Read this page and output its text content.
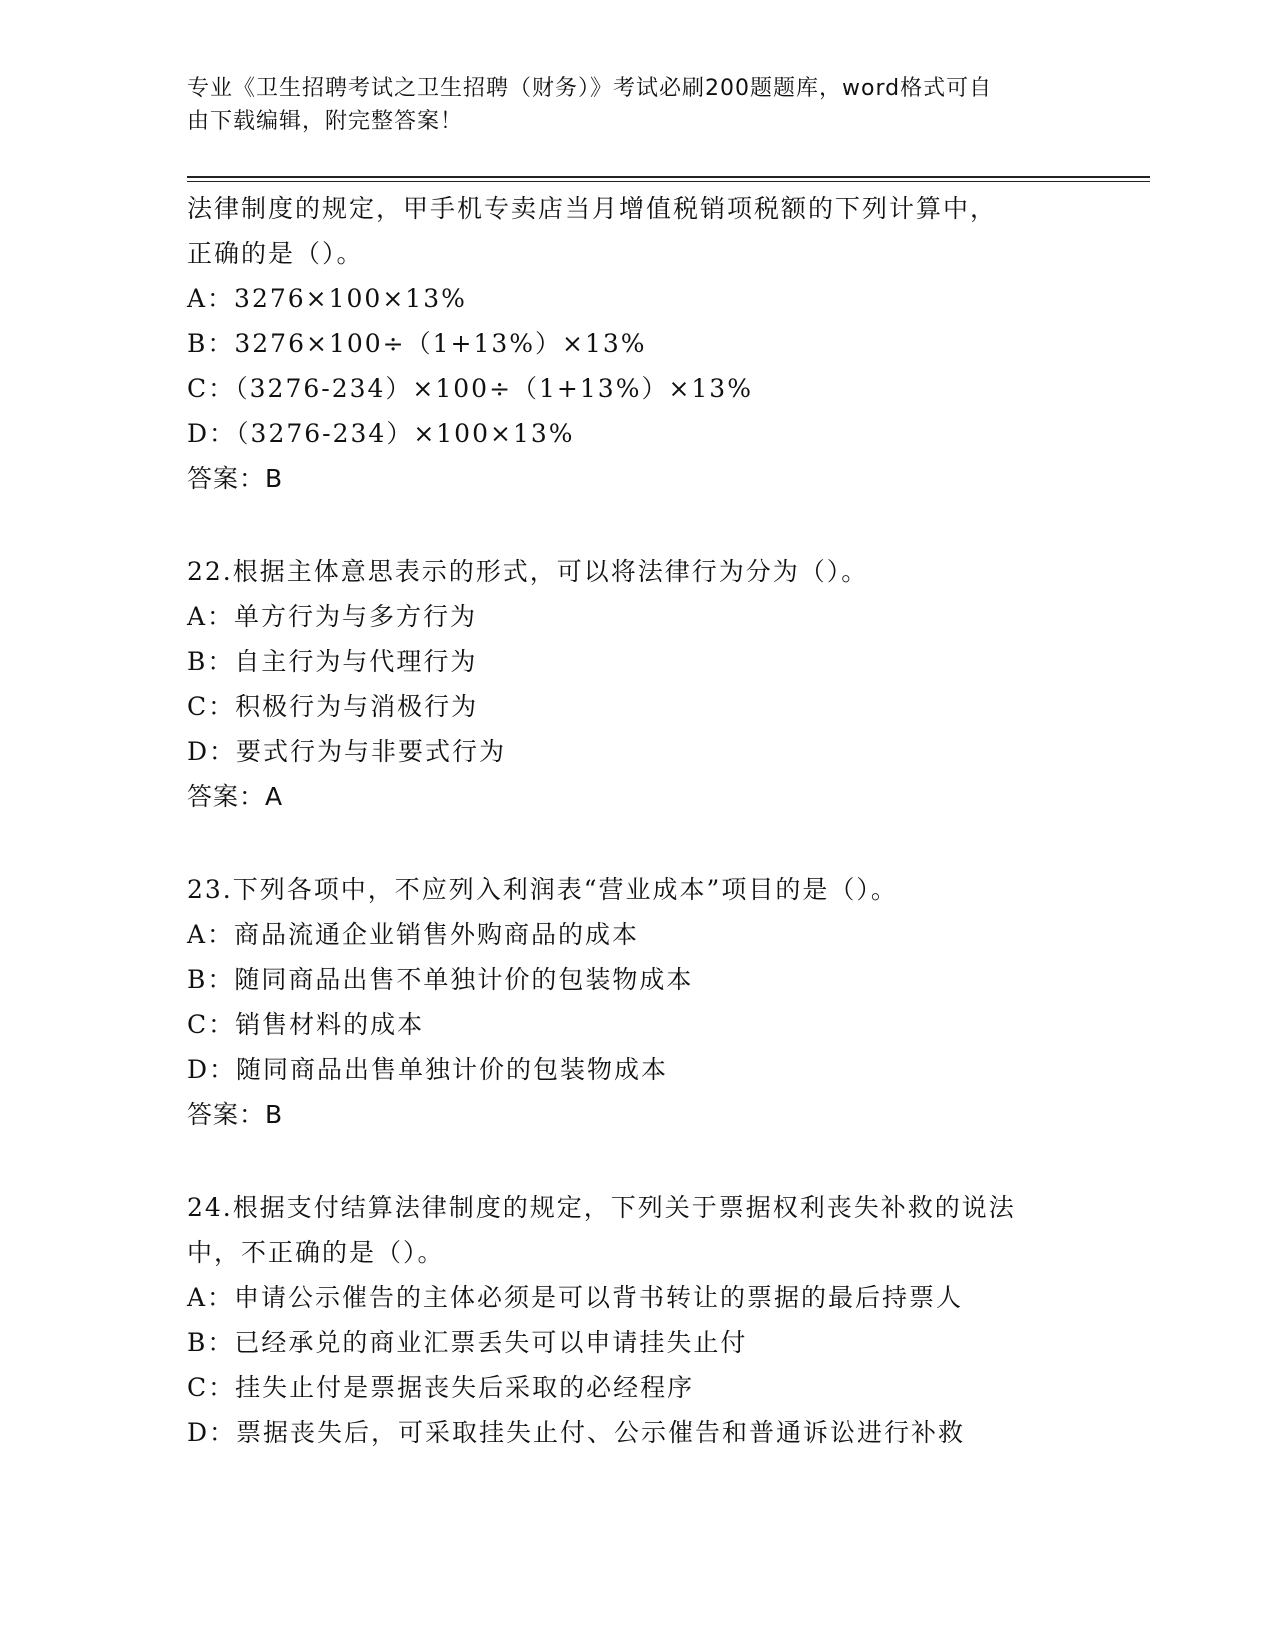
专业《卫生招聘考试之卫生招聘（财务）》考试必刷200题题库，word格式可自
由下载编辑，附完整答案！
法律制度的规定，甲手机专卖店当月增值税销项税额的下列计算中，
正确的是（）。
A：3276×100×13%
B：3276×100÷（1+13%）×13%
C：（3276-234）×100÷（1+13%）×13%
D：（3276-234）×100×13%
答案：B
22.根据主体意思表示的形式，可以将法律行为分为（）。
A：单方行为与多方行为
B：自主行为与代理行为
C：积极行为与消极行为
D：要式行为与非要式行为
答案：A
23.下列各项中，不应列入利润表“营业成本”项目的是（）。
A：商品流通企业销售外购商品的成本
B：随同商品出售不单独计价的包装物成本
C：销售材料的成本
D：随同商品出售单独计价的包装物成本
答案：B
24.根据支付结算法律制度的规定，下列关于票据权利丧失补救的说法
中，不正确的是（）。
A：申请公示催告的主体必须是可以背书转让的票据的最后持票人
B：已经承兑的商业汇票丢失可以申请挂失止付
C：挂失止付是票据丧失后采取的必经程序
D：票据丧失后，可采取挂失止付、公示催告和普通诉讼进行补救
